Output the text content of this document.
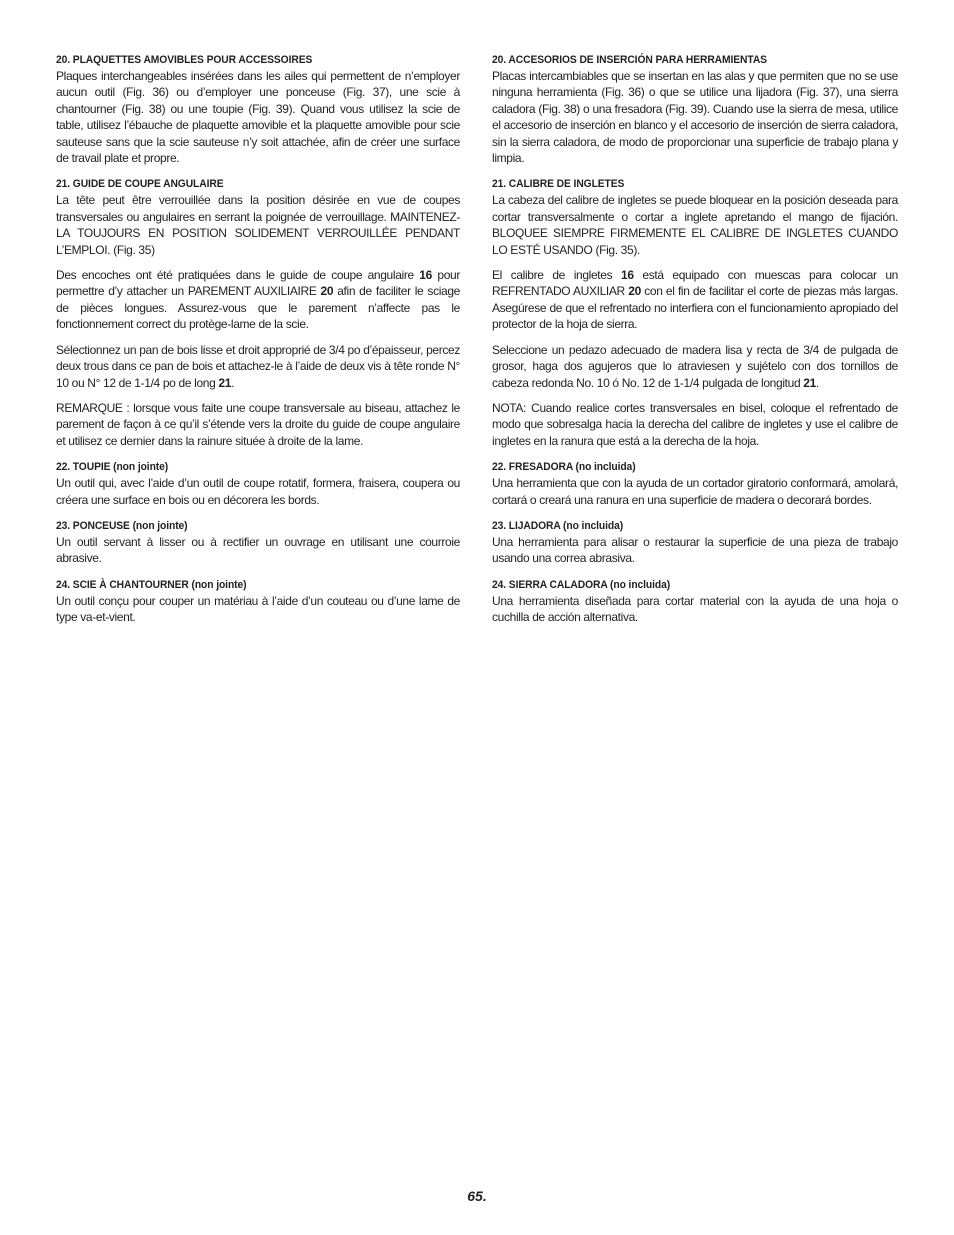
20. PLAQUETTES AMOVIBLES POUR ACCESSOIRES

Plaques interchangeables insérées dans les ailes qui permettent de n’employer aucun outil (Fig. 36) ou d’employer une ponceuse (Fig. 37), une scie à chantourner (Fig. 38) ou une toupie (Fig. 39). Quand vous utilisez la scie de table, utilisez l’ébauche de plaquette amovible et la plaquette amovible pour scie sauteuse sans que la scie sauteuse n’y soit attachée, afin de créer une surface de travail plate et propre.

21. GUIDE DE COUPE ANGULAIRE

La tête peut être verrouillée dans la position désirée en vue de coupes transversales ou angulaires en serrant la poignée de verrouillage. MAINTENEZ-LA TOUJOURS EN POSITION SOLIDEMENT VERROUILLÉE PENDANT L’EMPLOI. (Fig. 35)

Des encoches ont été pratiquées dans le guide de coupe angulaire 16 pour permettre d’y attacher un PAREMENT AUXILIAIRE 20 afin de faciliter le sciage de pièces longues. Assurez-vous que le parement n’affecte pas le fonctionnement correct du protège-lame de la scie.

Sélectionnez un pan de bois lisse et droit approprié de 3/4 po d’épaisseur, percez deux trous dans ce pan de bois et attachez-le à l’aide de deux vis à tête ronde N° 10 ou N° 12 de 1-1/4 po de long 21.

REMARQUE : lorsque vous faite une coupe transversale au biseau, attachez le parement de façon à ce qu’il s’étende vers la droite du guide de coupe angulaire et utilisez ce dernier dans la rainure située à droite de la lame.

22. TOUPIE (non jointe)

Un outil qui, avec l’aide d’un outil de coupe rotatif, formera, fraisera, coupera ou créera une surface en bois ou en décorera les bords.

23. PONCEUSE (non jointe)

Un outil servant à lisser ou à rectifier un ouvrage en utilisant une courroie abrasive.

24. SCIE À CHANTOURNER (non jointe)

Un outil conçu pour couper un matériau à l’aide d’un couteau ou d’une lame de type va-et-vient.

20. ACCESORIOS DE INSERCIÓN PARA HERRAMIENTAS

Placas intercambiables que se insertan en las alas y que permiten que no se use ninguna herramienta (Fig. 36) o que se utilice una lijadora (Fig. 37), una sierra caladora (Fig. 38) o una fresadora (Fig. 39). Cuando use la sierra de mesa, utilice el accesorio de inserción en blanco y el accesorio de inserción de sierra caladora, sin la sierra caladora, de modo de proporcionar una superficie de trabajo plana y limpia.

21. CALIBRE DE INGLETES

La cabeza del calibre de ingletes se puede bloquear en la posición deseada para cortar transversalmente o cortar a inglete apretando el mango de fijación. BLOQUEE SIEMPRE FIRMEMENTE EL CALIBRE DE INGLETES CUANDO LO ESTÉ USANDO (Fig. 35).

El calibre de ingletes 16 está equipado con muescas para colocar un REFRENTADO AUXILIAR 20 con el fin de facilitar el corte de piezas más largas. Asegúrese de que el refrentado no interfiera con el funcionamiento apropiado del protector de la hoja de sierra.

Seleccione un pedazo adecuado de madera lisa y recta de 3/4 de pulgada de grosor, haga dos agujeros que lo atraviesen y sujételo con dos tornillos de cabeza redonda No. 10 ó No. 12 de 1-1/4 pulgada de longitud 21.

NOTA: Cuando realice cortes transversales en bisel, coloque el refrentado de modo que sobresalga hacia la derecha del calibre de ingletes y use el calibre de ingletes en la ranura que está a la derecha de la hoja.

22. FRESADORA (no incluida)

Una herramienta que con la ayuda de un cortador giratorio conformará, amolará, cortará o creará una ranura en una superficie de madera o decorará bordes.

23. LIJADORA (no incluida)

Una herramienta para alisar o restaurar la superficie de una pieza de trabajo usando una correa abrasiva.

24. SIERRA CALADORA (no incluida)

Una herramienta diseñada para cortar material con la ayuda de una hoja o cuchilla de acción alternativa.

65.
